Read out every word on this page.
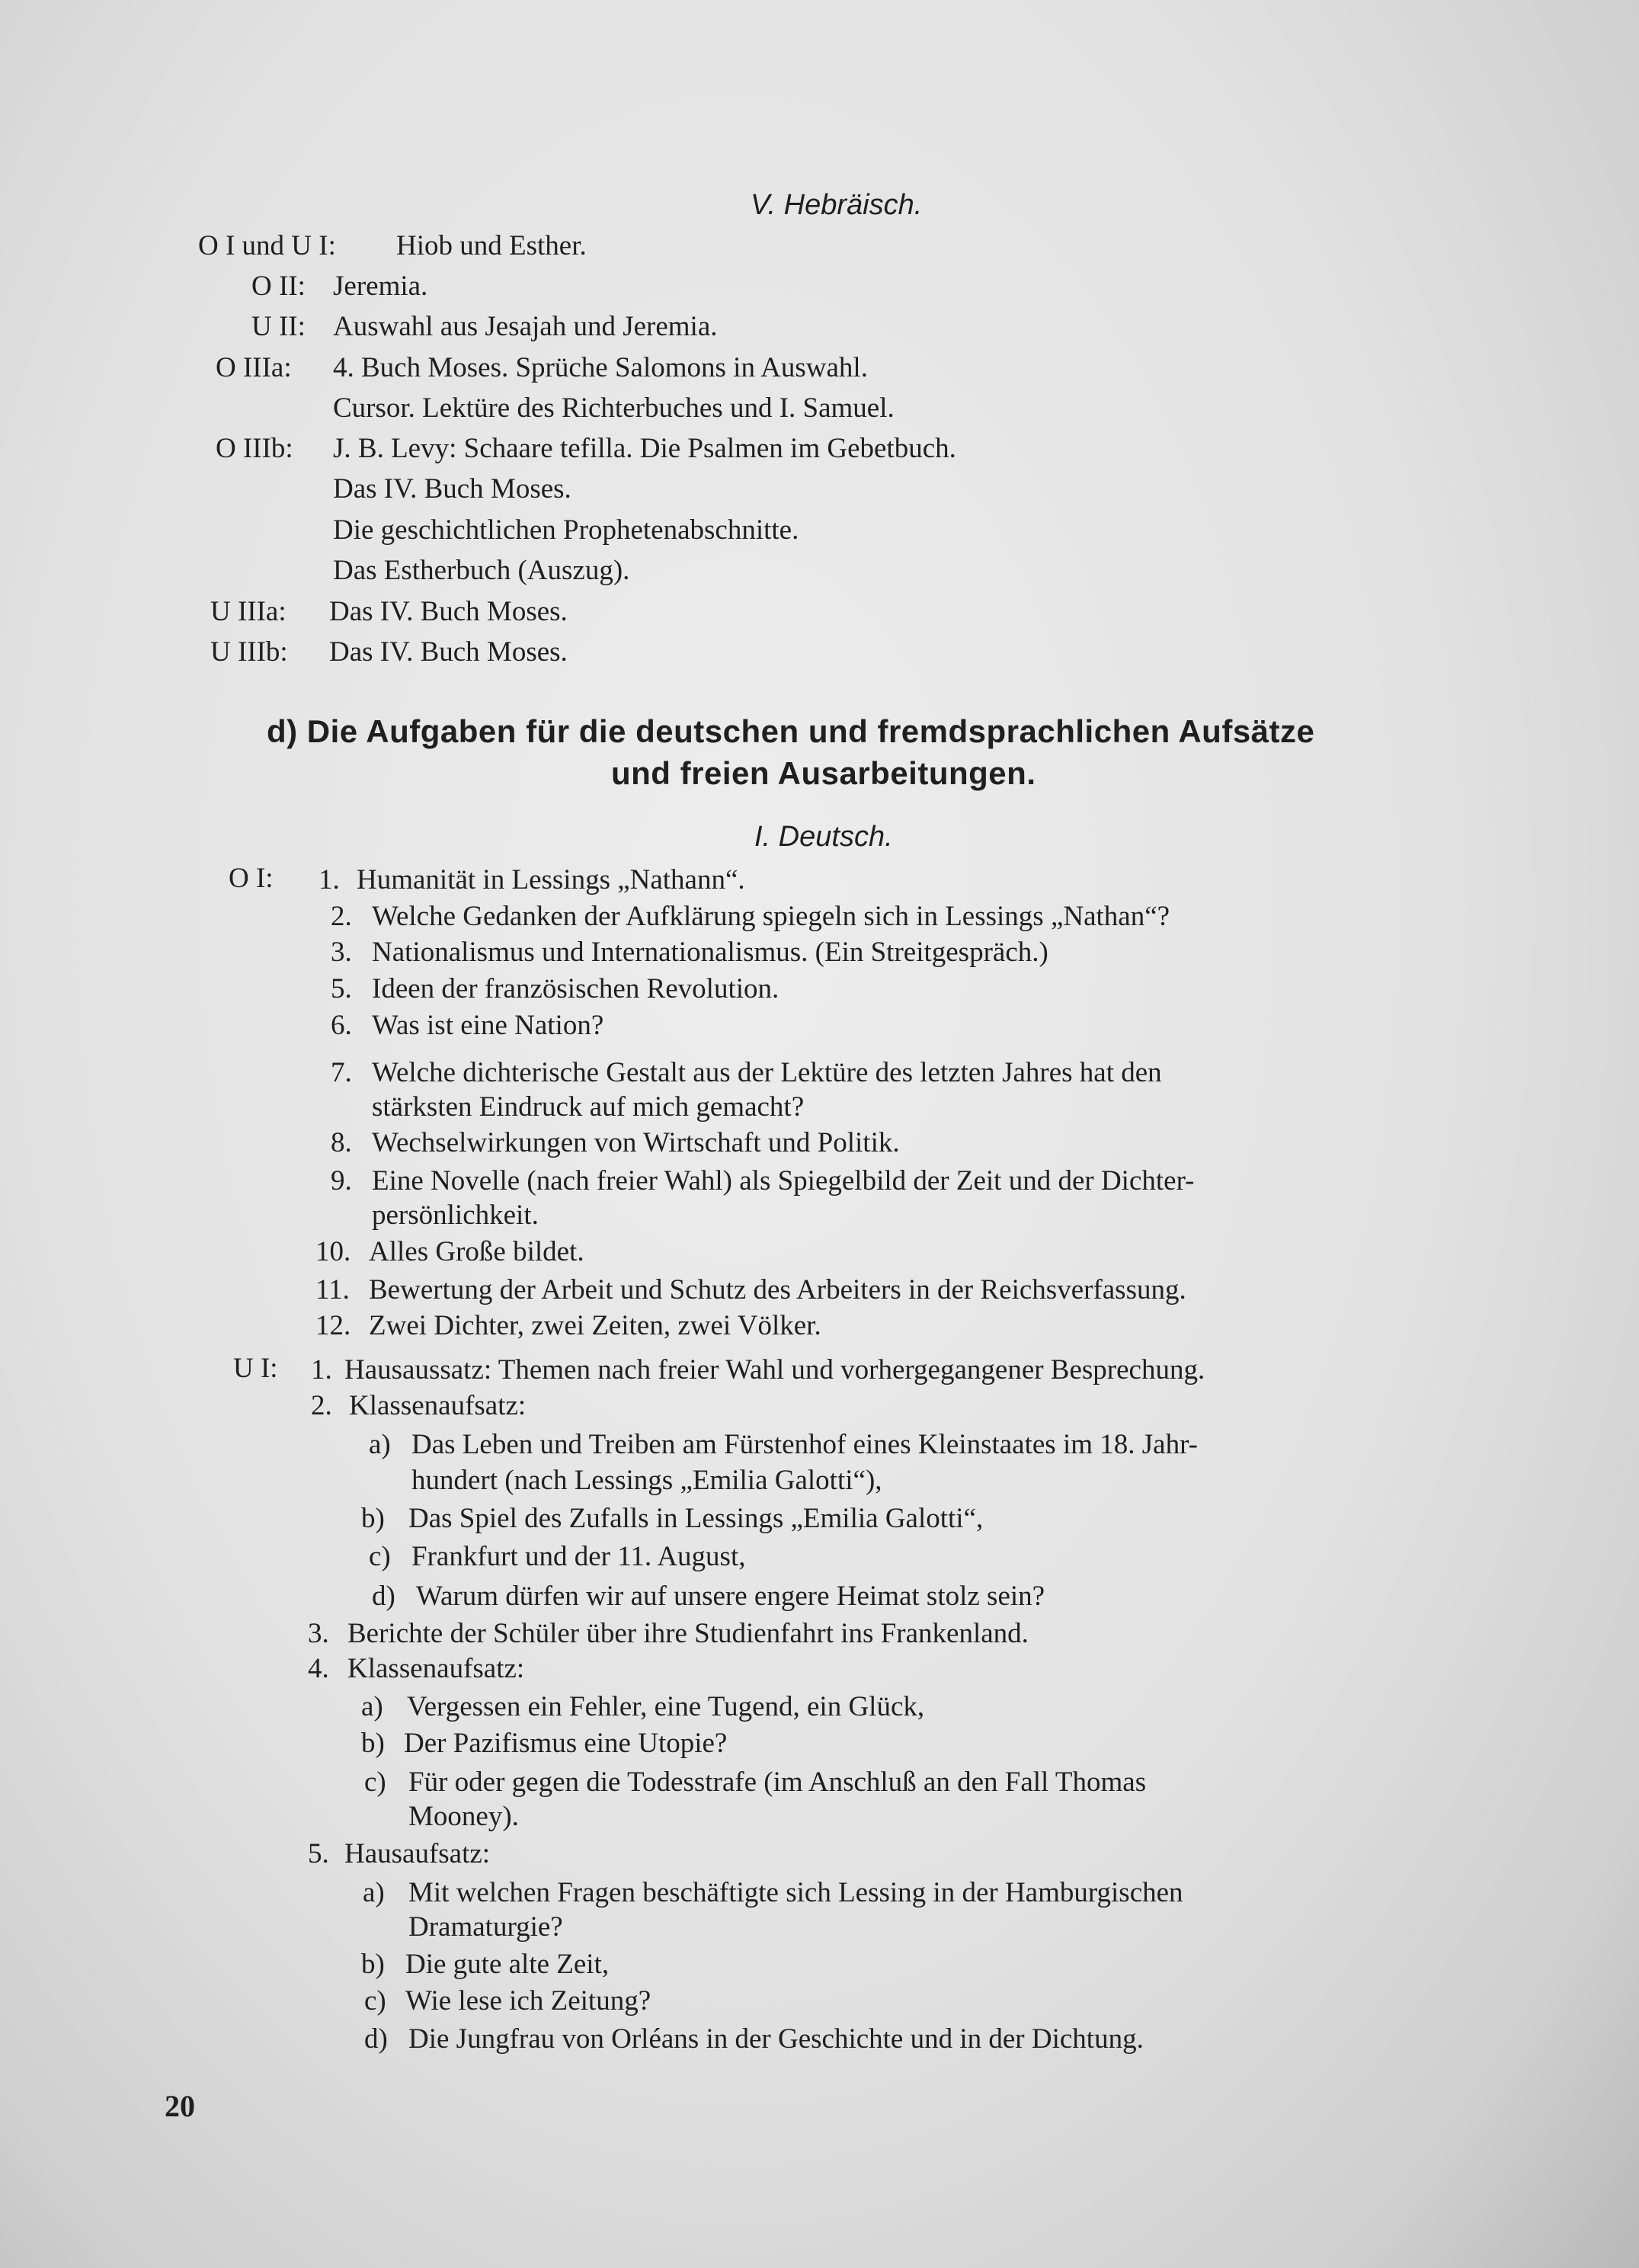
V. Hebräisch.
O I und U I: Hiob und Esther.
O II: Jeremia.
U II: Auswahl aus Jesajah und Jeremia.
O IIIa: 4. Buch Moses. Sprüche Salomons in Auswahl.
Cursor. Lektüre des Richterbuches und I. Samuel.
O IIIb: J. B. Levy: Schaare tefilla. Die Psalmen im Gebetbuch.
Das IV. Buch Moses.
Die geschichtlichen Prophetenabschnitte.
Das Estherbuch (Auszug).
U IIIa: Das IV. Buch Moses.
U IIIb: Das IV. Buch Moses.
d) Die Aufgaben für die deutschen und fremdsprachlichen Aufsätze
und freien Ausarbeitungen.
I. Deutsch.
O I: 1. Humanität in Lessings „Nathann“.
2. Welche Gedanken der Aufklärung spiegeln sich in Lessings „Nathan“?
3. Nationalismus und Internationalismus. (Ein Streitgespräch.)
5. Ideen der französischen Revolution.
6. Was ist eine Nation?
7. Welche dichterische Gestalt aus der Lektüre des letzten Jahres hat den
stärksten Eindruck auf mich gemacht?
8. Wechselwirkungen von Wirtschaft und Politik.
9. Eine Novelle (nach freier Wahl) als Spiegelbild der Zeit und der Dichter-
persönlichkeit.
10. Alles Große bildet.
11. Bewertung der Arbeit und Schutz des Arbeiters in der Reichsverfassung.
12. Zwei Dichter, zwei Zeiten, zwei Völker.
U I: 1. Hausaussatz: Themen nach freier Wahl und vorhergegangener Besprechung.
2. Klassenaufsatz:
a) Das Leben und Treiben am Fürstenhof eines Kleinstaates im 18. Jahr-
hundert (nach Lessings „Emilia Galotti“),
b) Das Spiel des Zufalls in Lessings „Emilia Galotti“,
c) Frankfurt und der 11. August,
d) Warum dürfen wir auf unsere engere Heimat stolz sein?
3. Berichte der Schüler über ihre Studienfahrt ins Frankenland.
4. Klassenaufsatz:
a) Vergessen ein Fehler, eine Tugend, ein Glück,
b) Der Pazifismus eine Utopie?
c) Für oder gegen die Todesstrafe (im Anschluß an den Fall Thomas
Mooney).
5. Hausaufsatz:
a) Mit welchen Fragen beschäftigte sich Lessing in der Hamburgischen
Dramaturgie?
b) Die gute alte Zeit,
c) Wie lese ich Zeitung?
d) Die Jungfrau von Orléans in der Geschichte und in der Dichtung.
20
